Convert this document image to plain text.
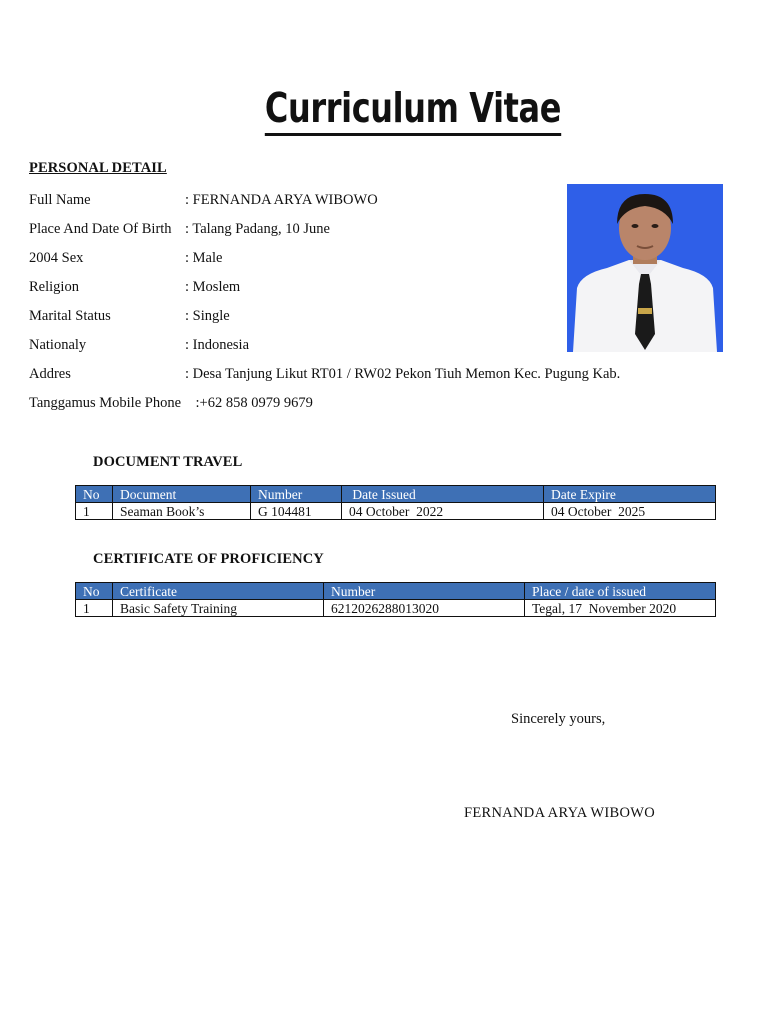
Curriculum Vitae
PERSONAL DETAIL
Full Name	: FERNANDA ARYA WIBOWO
Place And Date Of Birth : Talang Padang, 10 June
2004 Sex	: Male
Religion	: Moslem
Marital Status	: Single
Nationaly	: Indonesia
Addres	: Desa Tanjung Likut RT01 / RW02 Pekon Tiuh Memon Kec. Pugung Kab.
Tanggamus Mobile Phone    :+62 858 0979 9679
DOCUMENT TRAVEL
No	Document	Number	Date Issued	Date Expire
1	Seaman Book’s	G 104481	04 October  2022	04 October  2025
CERTIFICATE OF PROFICIENCY
No	Certificate	Number	Place / date of issued
1	Basic Safety Training	6212026288013020	Tegal, 17  November 2020
Sincerely yours,
FERNANDA ARYA WIBOWO
